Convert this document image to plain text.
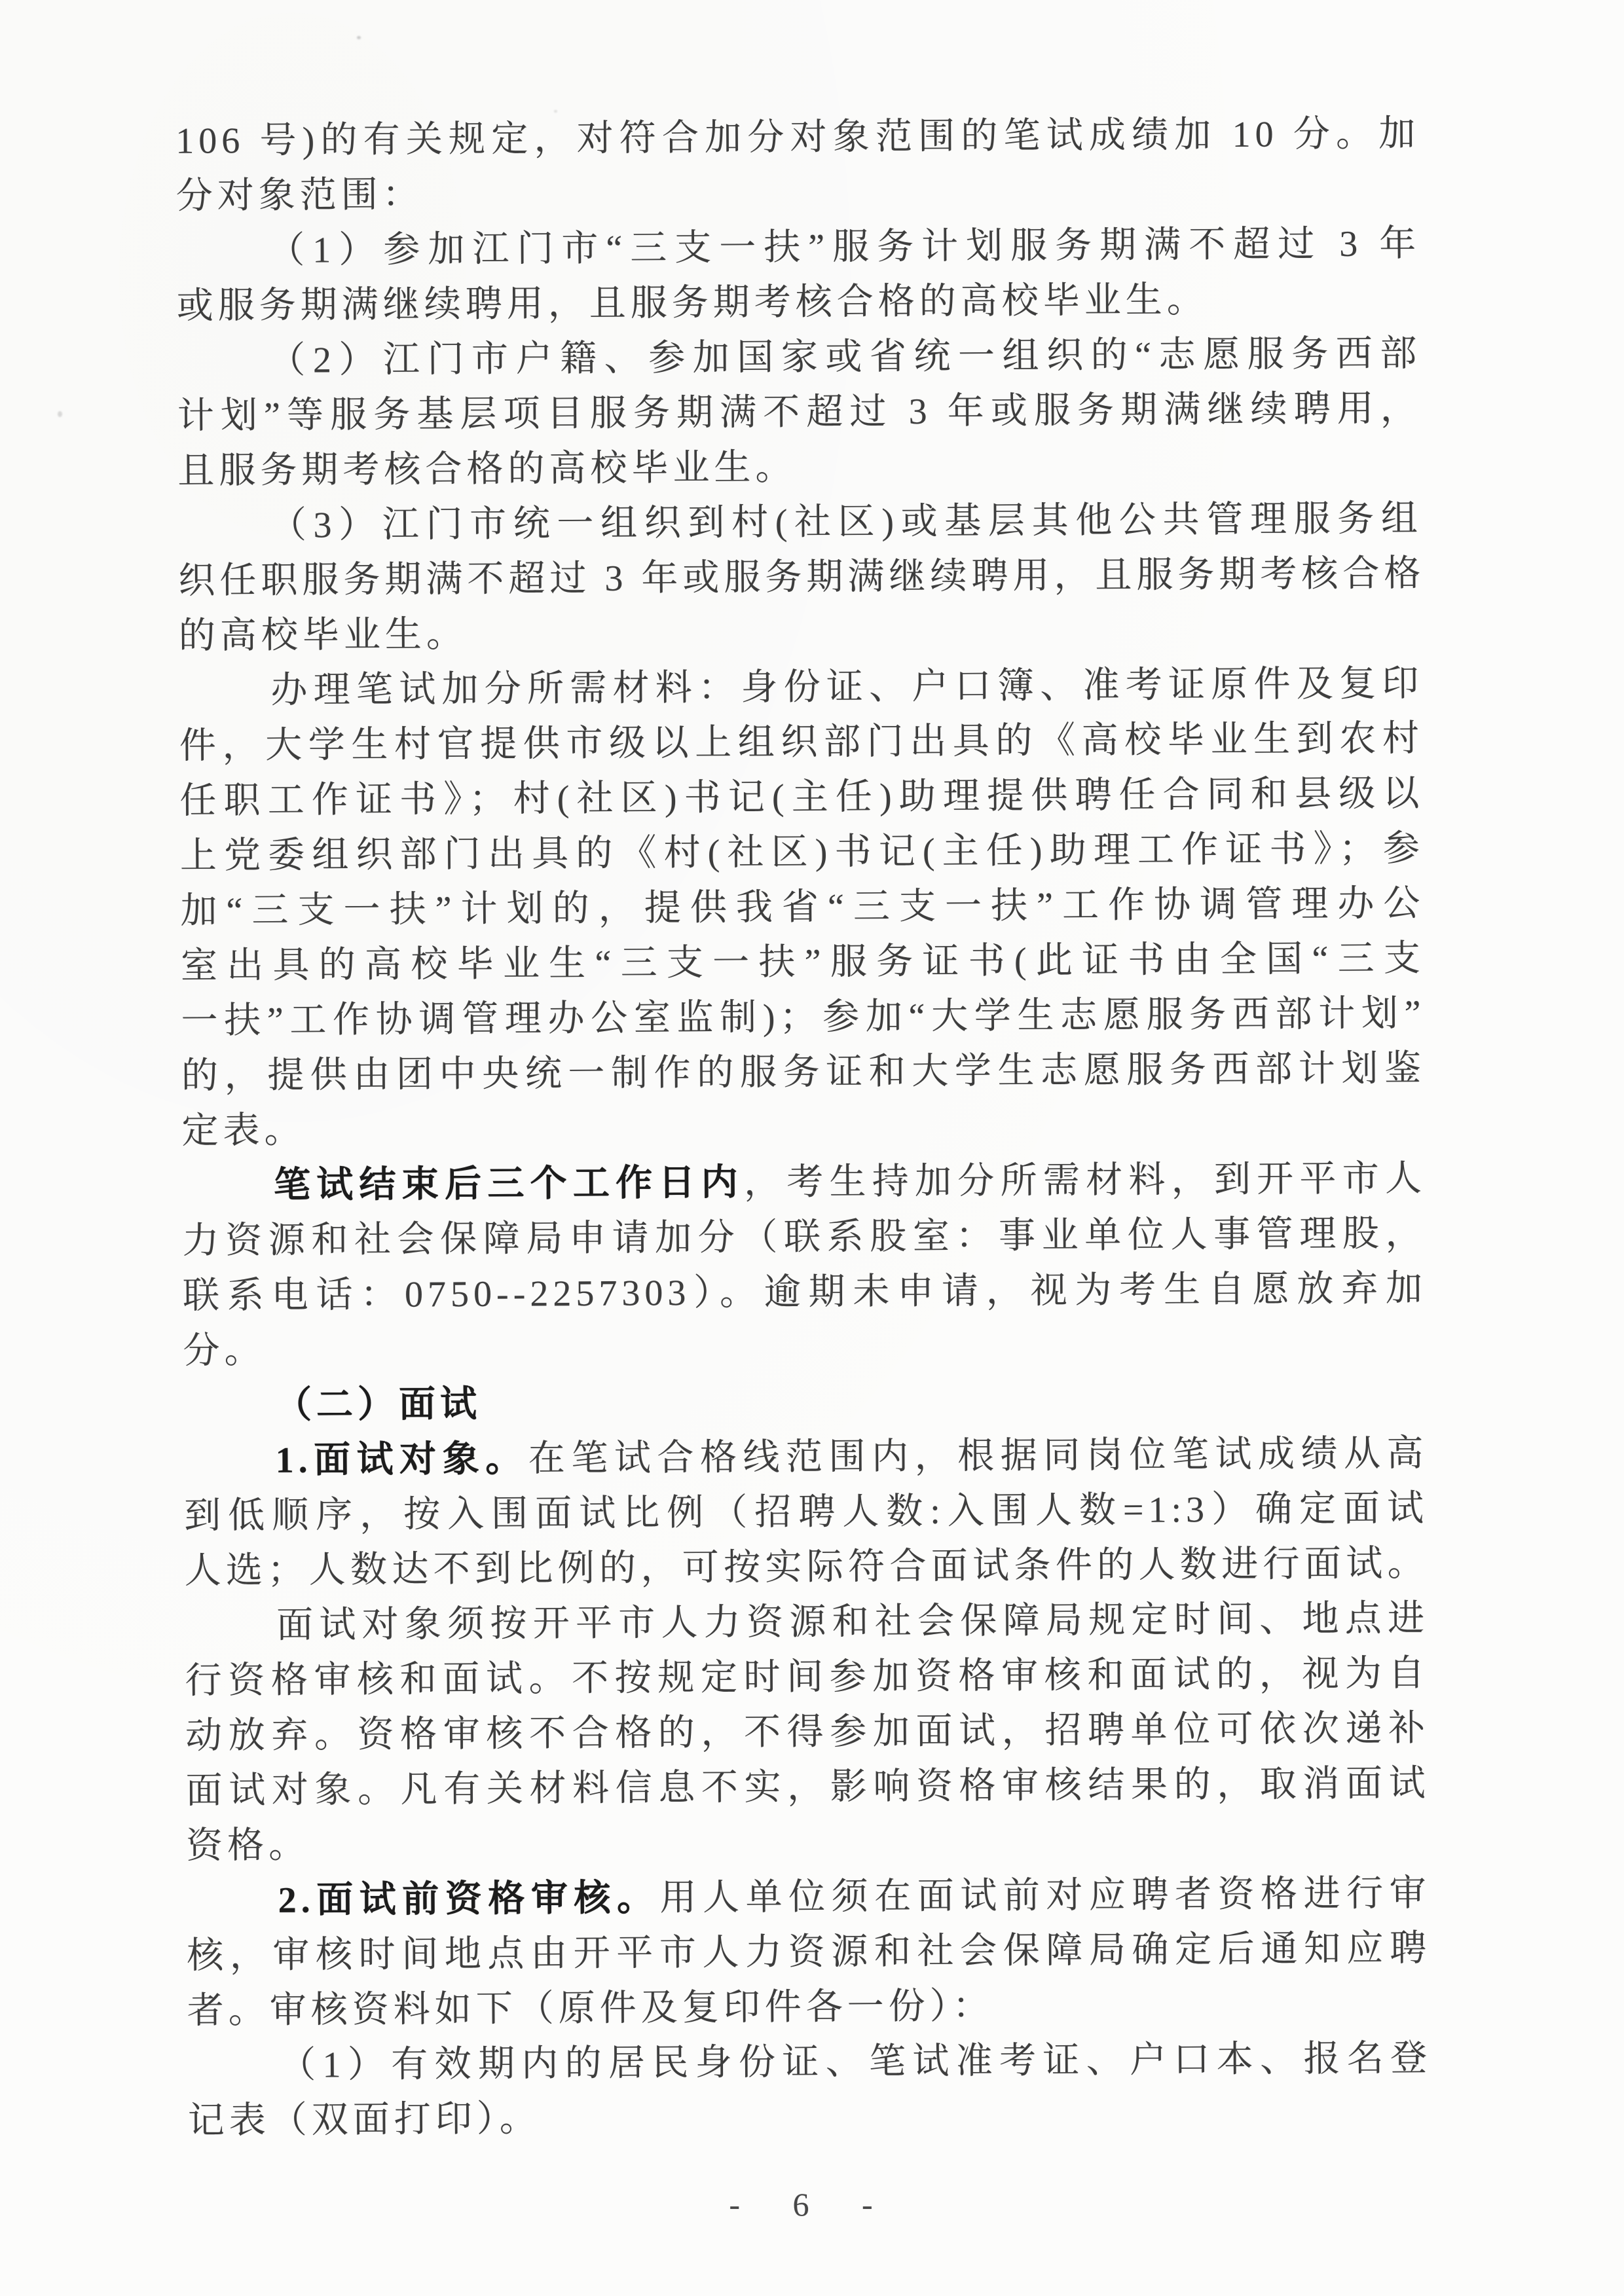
106 号)的有关规定，对符合加分对象范围的笔试成绩加 10 分。加
分对象范围：
（1）参加江门市“三支一扶”服务计划服务期满不超过 3 年
或服务期满继续聘用，且服务期考核合格的高校毕业生。
（2）江门市户籍、参加国家或省统一组织的“志愿服务西部
计划”等服务基层项目服务期满不超过 3 年或服务期满继续聘用，
且服务期考核合格的高校毕业生。
（3）江门市统一组织到村(社区)或基层其他公共管理服务组
织任职服务期满不超过 3 年或服务期满继续聘用，且服务期考核合格
的高校毕业生。
办理笔试加分所需材料：身份证、户口簿、准考证原件及复印
件，大学生村官提供市级以上组织部门出具的《高校毕业生到农村
任职工作证书》；村(社区)书记(主任)助理提供聘任合同和县级以
上党委组织部门出具的《村(社区)书记(主任)助理工作证书》；参
加“三支一扶”计划的，提供我省“三支一扶”工作协调管理办公
室出具的高校毕业生“三支一扶”服务证书(此证书由全国“三支
一扶”工作协调管理办公室监制)；参加“大学生志愿服务西部计划”
的，提供由团中央统一制作的服务证和大学生志愿服务西部计划鉴
定表。
笔试结束后三个工作日内，考生持加分所需材料，到开平市人
力资源和社会保障局申请加分（联系股室：事业单位人事管理股，
联系电话：0750--2257303）。逾期未申请，视为考生自愿放弃加
分。
（二）面试
1.面试对象。在笔试合格线范围内，根据同岗位笔试成绩从高
到低顺序，按入围面试比例（招聘人数:入围人数=1:3）确定面试
人选；人数达不到比例的，可按实际符合面试条件的人数进行面试。
面试对象须按开平市人力资源和社会保障局规定时间、地点进
行资格审核和面试。不按规定时间参加资格审核和面试的，视为自
动放弃。资格审核不合格的，不得参加面试，招聘单位可依次递补
面试对象。凡有关材料信息不实，影响资格审核结果的，取消面试
资格。
2.面试前资格审核。用人单位须在面试前对应聘者资格进行审
核，审核时间地点由开平市人力资源和社会保障局确定后通知应聘
者。审核资料如下（原件及复印件各一份）：
（1）有效期内的居民身份证、笔试准考证、户口本、报名登
记表（双面打印）。
- 6 -
